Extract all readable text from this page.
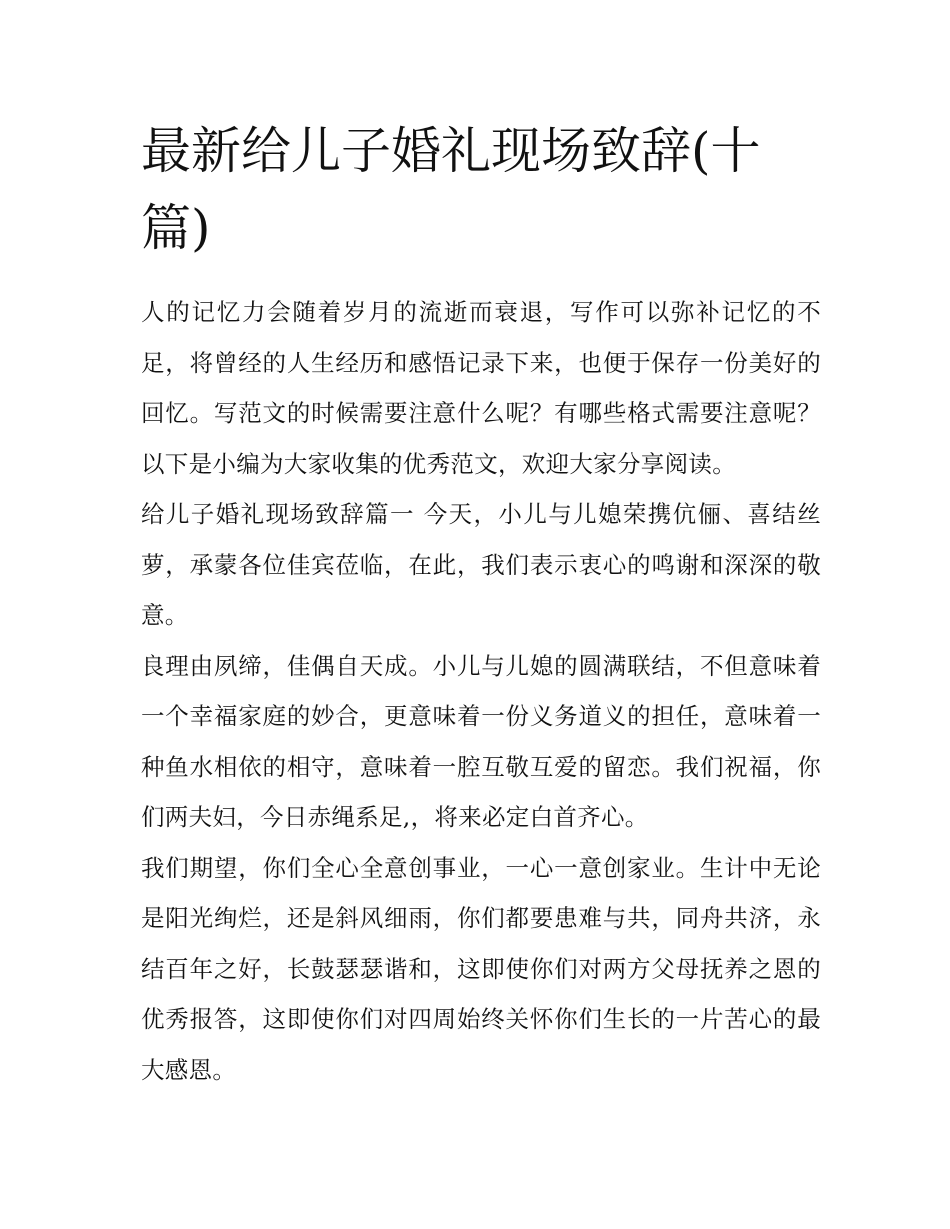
最新给儿子婚礼现场致辞(十篇)

人的记忆力会随着岁月的流逝而衰退，写作可以弥补记忆的不足，将曾经的人生经历和感悟记录下来，也便于保存一份美好的回忆。写范文的时候需要注意什么呢？有哪些格式需要注意呢？以下是小编为大家收集的优秀范文，欢迎大家分享阅读。

给儿子婚礼现场致辞篇一 今天，小儿与儿媳荣携伉俪、喜结丝萝，承蒙各位佳宾莅临，在此，我们表示衷心的鸣谢和深深的敬意。

良理由夙缔，佳偶自天成。小儿与儿媳的圆满联结，不但意味着一个幸福家庭的妙合，更意味着一份义务道义的担任，意味着一种鱼水相依的相守，意味着一腔互敬互爱的留恋。我们祝福，你们两夫妇，今日赤绳系足,，将来必定白首齐心。

我们期望，你们全心全意创事业，一心一意创家业。生计中无论是阳光绚烂，还是斜风细雨，你们都要患难与共，同舟共济，永结百年之好，长鼓瑟瑟谐和，这即使你们对两方父母抚养之恩的优秀报答，这即使你们对四周始终关怀你们生长的一片苦心的最大感恩。
